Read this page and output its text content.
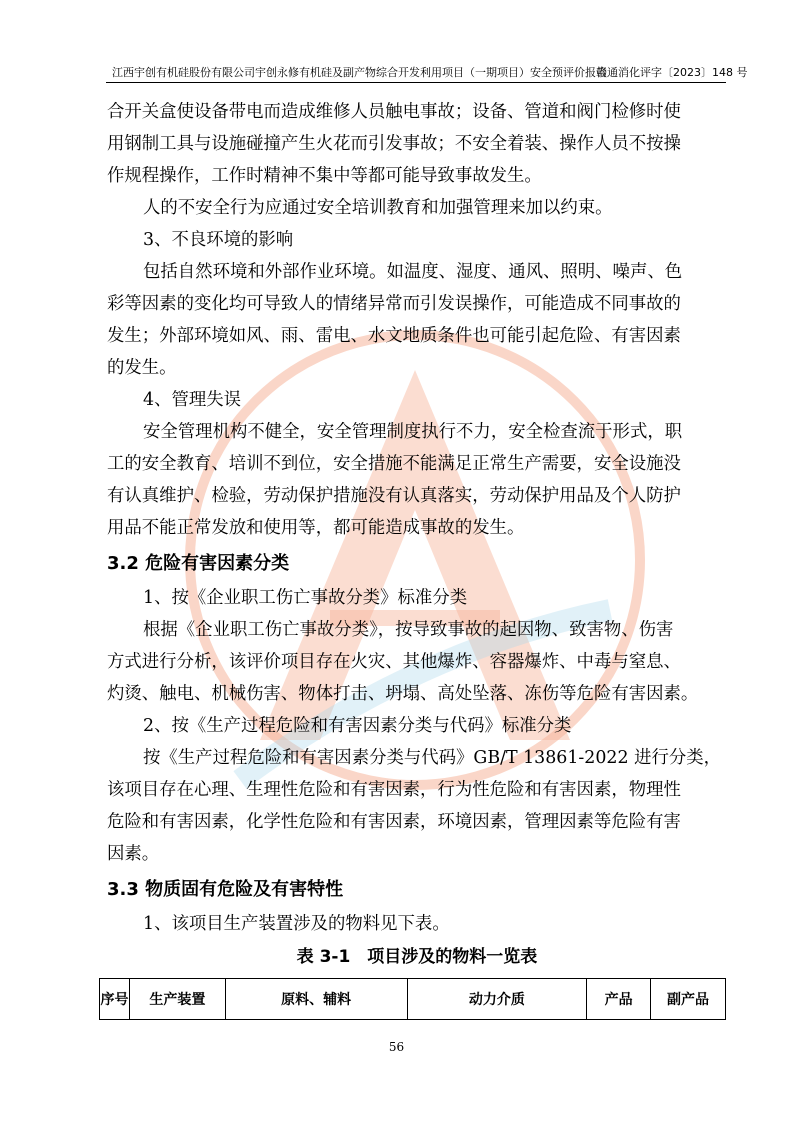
江西宇创有机硅股份有限公司宇创永修有机硅及副产物综合开发利用项目（一期项目）安全预评价报告
赣通消化评字〔2023〕148 号

合开关盒使设备带电而造成维修人员触电事故；设备、管道和阀门检修时使

用钢制工具与设施碰撞产生火花而引发事故；不安全着装、操作人员不按操

作规程操作，工作时精神不集中等都可能导致事故发生。

人的不安全行为应通过安全培训教育和加强管理来加以约束。

3、不良环境的影响

包括自然环境和外部作业环境。如温度、湿度、通风、照明、噪声、色

彩等因素的变化均可导致人的情绪异常而引发误操作，可能造成不同事故的

发生；外部环境如风、雨、雷电、水文地质条件也可能引起危险、有害因素

的发生。

4、管理失误

安全管理机构不健全，安全管理制度执行不力，安全检查流于形式，职

工的安全教育、培训不到位，安全措施不能满足正常生产需要，安全设施没

有认真维护、检验，劳动保护措施没有认真落实，劳动保护用品及个人防护

用品不能正常发放和使用等，都可能造成事故的发生。

3.2 危险有害因素分类

1、按《企业职工伤亡事故分类》标准分类

根据《企业职工伤亡事故分类》，按导致事故的起因物、致害物、伤害

方式进行分析，该评价项目存在火灾、其他爆炸、容器爆炸、中毒与窒息、

灼烫、触电、机械伤害、物体打击、坍塌、高处坠落、冻伤等危险有害因素。

2、按《生产过程危险和有害因素分类与代码》标准分类

按《生产过程危险和有害因素分类与代码》GB/T 13861-2022 进行分类，

该项目存在心理、生理性危险和有害因素，行为性危险和有害因素，物理性

危险和有害因素，化学性危险和有害因素，环境因素，管理因素等危险有害

因素。

3.3 物质固有危险及有害特性

1、该项目生产装置涉及的物料见下表。

表 3-1　项目涉及的物料一览表

序号	生产装置	原料、辅料	动力介质	产品	副产品
56
